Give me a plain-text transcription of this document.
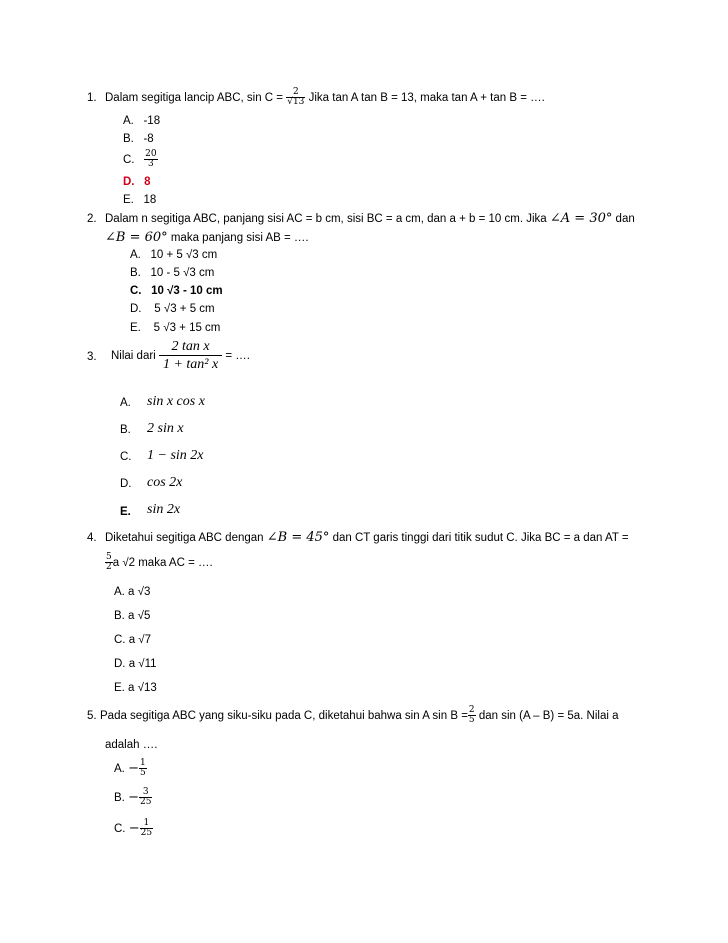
1. Dalam segitiga lancip ABC, $\sin C = \frac{2}{√13}$ Jika tan A tan B = 13, maka tan A + tan B = ….
A. -18
B. -8
C. $\frac{20}{3}$
D. 8
E. 18
2. Dalam n segitiga ABC, panjang sisi AC = b cm, sisi BC = a cm, dan a + b = 10 cm. Jika ∠A = 30° dan
∠B = 60° maka panjang sisi AB = ….
A. 10 + 5 √3 cm
B. 10 - 5 √3 cm
C. 10 √3 - 10 cm
D.    5 √3 + 5 cm
E.    5 √3 + 15 cm
3. Nilai dari $\frac{\text{2 tan x}}{\text{1 + tan² x}}$ = ….
A. sin x cos x
B. 2 sin x
C. 1 − sin 2x
D. cos 2x
E. sin 2x
4. Diketahui segitiga ABC dengan ∠B = 45° dan CT garis tinggi dari titik sudut C. Jika BC = a dan AT =
$\frac{5}{2}$ a √2 maka AC = ….
A. a √3
B. a √5
C. a √7
D. a √11
E. a √13
5. Pada segitiga ABC yang siku-siku pada C, diketahui bahwa sin A $\sin B = \frac{2}{5}$ dan sin (A – B) = 5a. Nilai a
adalah ….
A. − $\frac{1}{5}$
B. − $\frac{3}{25}$
C. − $\frac{1}{25}$
